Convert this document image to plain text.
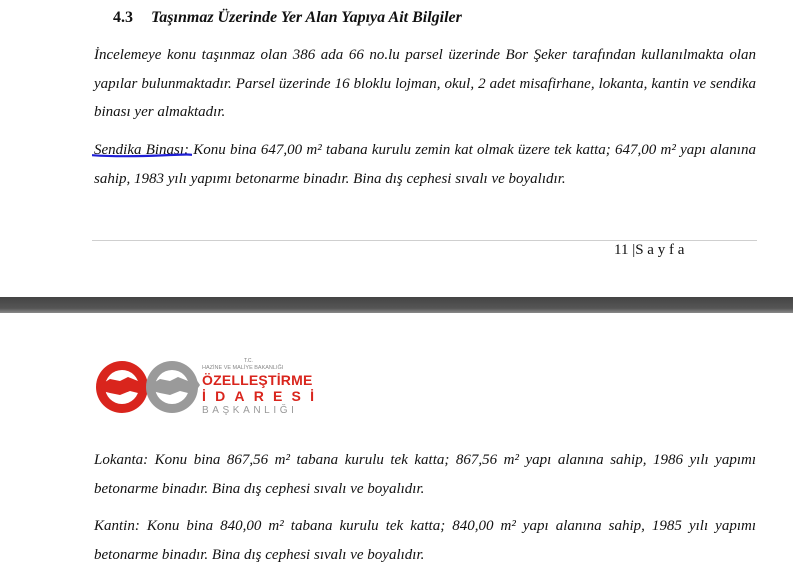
4.3 Taşınmaz Üzerinde Yer Alan Yapıya Ait Bilgiler
İncelemeye konu taşınmaz olan 386 ada 66 no.lu parsel üzerinde Bor Şeker tarafından kullanılmakta olan yapılar bulunmaktadır. Parsel üzerinde 16 bloklu lojman, okul, 2 adet misafirhane, lokanta, kantin ve sendika binası yer almaktadır.
Sendika Binası:
Konu bina 647,00 m² tabana kurulu zemin kat olmak üzere tek katta; 647,00 m² yapı alanına sahip, 1983 yılı yapımı betonarme binadır. Bina dış cephesi sıvalı ve boyalıdır.
11 |S a y f a
T.C.
HAZİNE VE MALİYE BAKANLIĞI
ÖZELLEŞTİRME
İDARESİ
BAŞKANLIĞI
Lokanta: Konu bina 867,56 m² tabana kurulu tek katta; 867,56 m² yapı alanına sahip, 1986 yılı yapımı betonarme binadır. Bina dış cephesi sıvalı ve boyalıdır.
Kantin: Konu bina 840,00 m² tabana kurulu tek katta; 840,00 m² yapı alanına sahip, 1985 yılı yapımı betonarme binadır. Bina dış cephesi sıvalı ve boyalıdır.
